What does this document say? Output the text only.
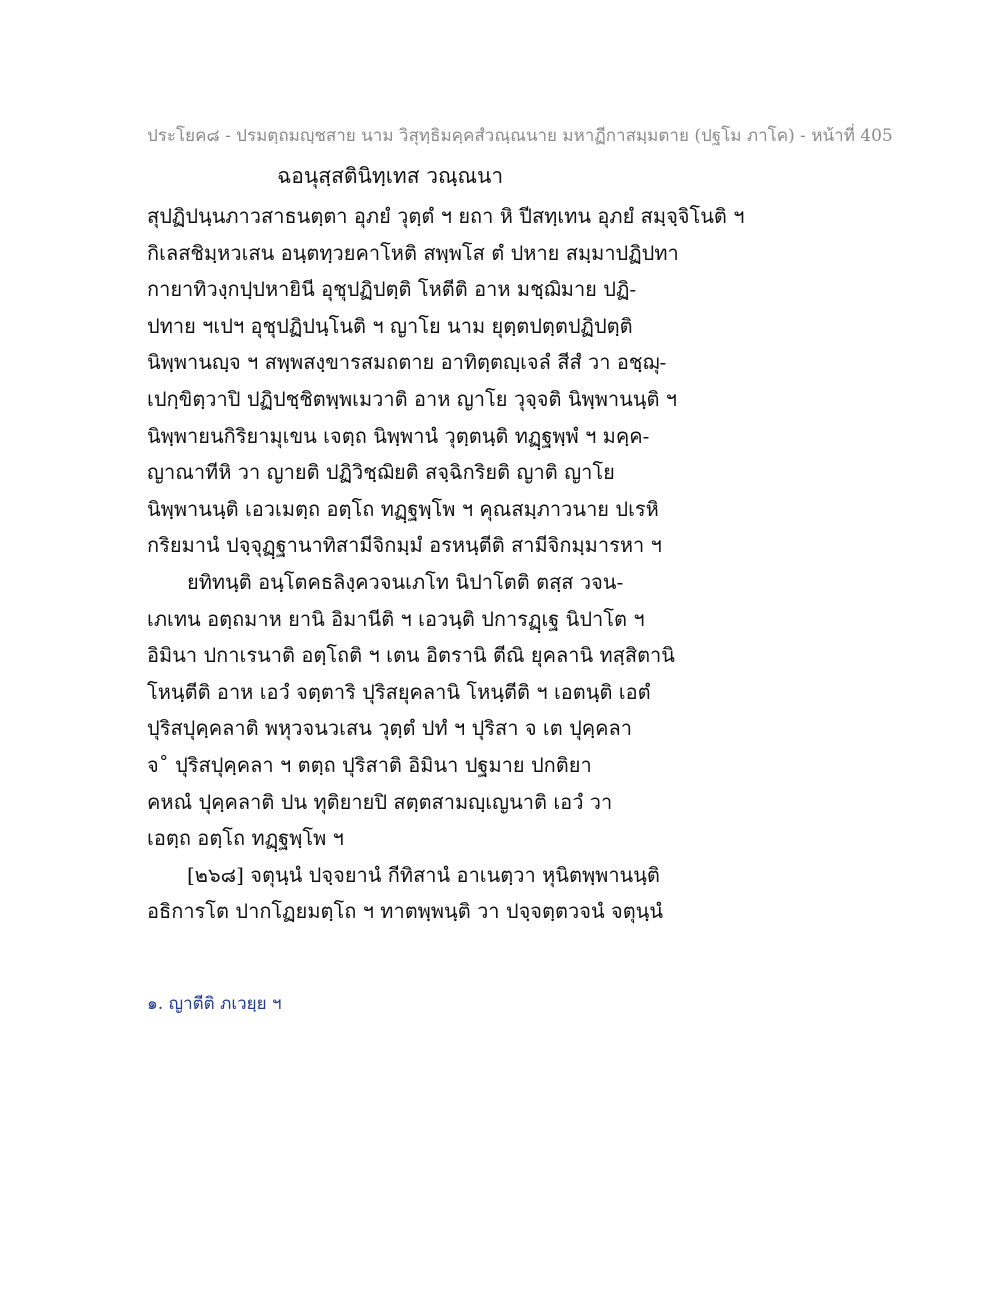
ประโยค๘ - ปรมตฺถมญฺชสาย นาม วิสุทฺธิมคฺคสํวณฺณนาย มหาฏีกาสมฺมตาย (ปฐโม ภาโค) - หน้าที่ 405
ฉอนุสฺสตินิทฺเทส วณฺณนา
สุปฏิปนฺนภาวสาธนตฺตา อุภยํ วุตฺตํ ฯ ยถา หิ ปีสทฺเทน อุภยํ สมฺจฺจิโนติ ฯ
กิเลสชิมฺหวเสน อนฺตทฺวยคาโหติ สพฺพโส ตํ ปหาย สมฺมาปฏิปทา
กายาทิวงฺกปฺปหายินี อุชุปฏิปตฺติ โหตีติ อาห มชฺฌิมาย ปฏิ-
ปทาย ฯเปฯ อุชุปฏิปนฺโนติ ฯ ญาโย นาม ยุตฺตปตฺตปฏิปตฺติ
นิพฺพานญฺจ ฯ สพฺพสงฺขารสมถตาย อาทิตฺตญฺเจลํ สีสํ วา อชฺฌุ-
เปกฺขิตฺวาปิ ปฏิปชฺชิตพฺพเมวาติ อาห ญาโย วุจฺจติ นิพฺพานนฺติ ฯ
นิพฺพายนกิริยามุเขน เจตฺถ นิพฺพานํ วุตฺตนฺติ ทฏฺฐพฺพํ ฯ มคฺค-
ญาณาทีหิ วา ญายติ ปฏิวิชฺฌิยติ สจฺฉิกริยติ ญาติ ญาโย
นิพฺพานนฺติ เอวเมตฺถ อตฺโถ ทฏฺฐพฺโพ ฯ คุณสมฺภาวนาย ปเรหิ
กริยมานํ ปจฺจุฏฺฐานาทิสามีจิกมฺมํ อรหนฺตีติ สามีจิกมฺมารหา ฯ
ยทิทนฺติ อนฺโตคธลิงฺควจนเภโท นิปาโตติ ตสฺส วจน-
เภเทน อตฺถมาห ยานิ อิมานีติ ฯ เอวนฺติ ปการฏฺเฐ นิปาโต ฯ
อิมินา ปกาเรนาติ อตฺโถติ ฯ เตน อิตรานิ ตีณิ ยุคลานิ ทสฺสิตานิ
โหนฺตีติ อาห เอวํ จตฺตาริ ปุริสยุคลานิ โหนฺตีติ ฯ เอตนฺติ เอตํ
ปุริสปุคฺคลาติ พหุวจนวเสน วุตฺตํ ปทํ ฯ ปุริสา จ เต ปุคฺคลา
จ˚ ปุริสปุคฺคลา ฯ ตตฺถ ปุริสาติ อิมินา ปฐมาย ปกติยา
คหณํ ปุคฺคลาติ ปน ทุติยายปิ สตฺตสามญฺเญนาติ เอวํ วา
เอตฺถ อตฺโถ ทฏฺฐพฺโพ ฯ
[๒๖๘] จตุนฺนํ ปจฺจยานํ กีทิสานํ อาเนตฺวา หุนิตพฺพานนฺติ
อธิการโต ปากโฏยมตฺโถ ฯ ทาตพฺพนฺติ วา ปจฺจตฺตวจนํ จตุนฺนํ
๑. ญาตีติ ภเวยฺย ฯ
